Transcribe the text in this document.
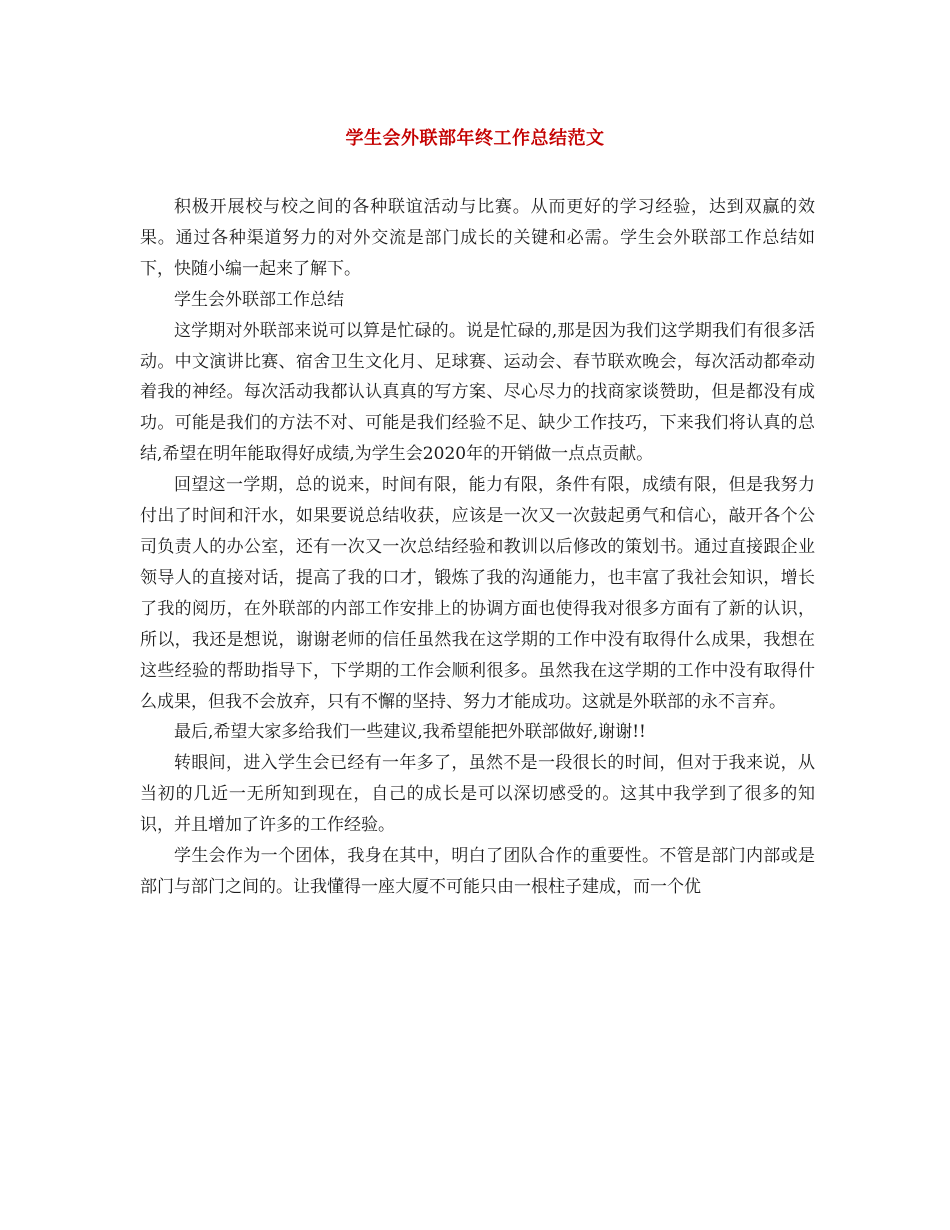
学生会外联部年终工作总结范文

积极开展校与校之间的各种联谊活动与比赛。从而更好的学习经验，达到双赢的效果。通过各种渠道努力的对外交流是部门成长的关键和必需。学生会外联部工作总结如下，快随小编一起来了解下。

学生会外联部工作总结

这学期对外联部来说可以算是忙碌的。说是忙碌的,那是因为我们这学期我们有很多活动。中文演讲比赛、宿舍卫生文化月、足球赛、运动会、春节联欢晚会，每次活动都牵动着我的神经。每次活动我都认认真真的写方案、尽心尽力的找商家谈赞助，但是都没有成功。可能是我们的方法不对、可能是我们经验不足、缺少工作技巧，下来我们将认真的总结,希望在明年能取得好成绩,为学生会2020年的开销做一点点贡献。

回望这一学期，总的说来，时间有限，能力有限，条件有限，成绩有限，但是我努力付出了时间和汗水，如果要说总结收获，应该是一次又一次鼓起勇气和信心，敲开各个公司负责人的办公室，还有一次又一次总结经验和教训以后修改的策划书。通过直接跟企业领导人的直接对话，提高了我的口才，锻炼了我的沟通能力，也丰富了我社会知识，增长了我的阅历，在外联部的内部工作安排上的协调方面也使得我对很多方面有了新的认识，所以，我还是想说，谢谢老师的信任虽然我在这学期的工作中没有取得什么成果，我想在这些经验的帮助指导下，下学期的工作会顺利很多。虽然我在这学期的工作中没有取得什么成果，但我不会放弃，只有不懈的坚持、努力才能成功。这就是外联部的永不言弃。

最后,希望大家多给我们一些建议,我希望能把外联部做好,谢谢!!

转眼间，进入学生会已经有一年多了，虽然不是一段很长的时间，但对于我来说，从当初的几近一无所知到现在，自己的成长是可以深切感受的。这其中我学到了很多的知识，并且增加了许多的工作经验。

学生会作为一个团体，我身在其中，明白了团队合作的重要性。不管是部门内部或是部门与部门之间的。让我懂得一座大厦不可能只由一根柱子建成，而一个优
